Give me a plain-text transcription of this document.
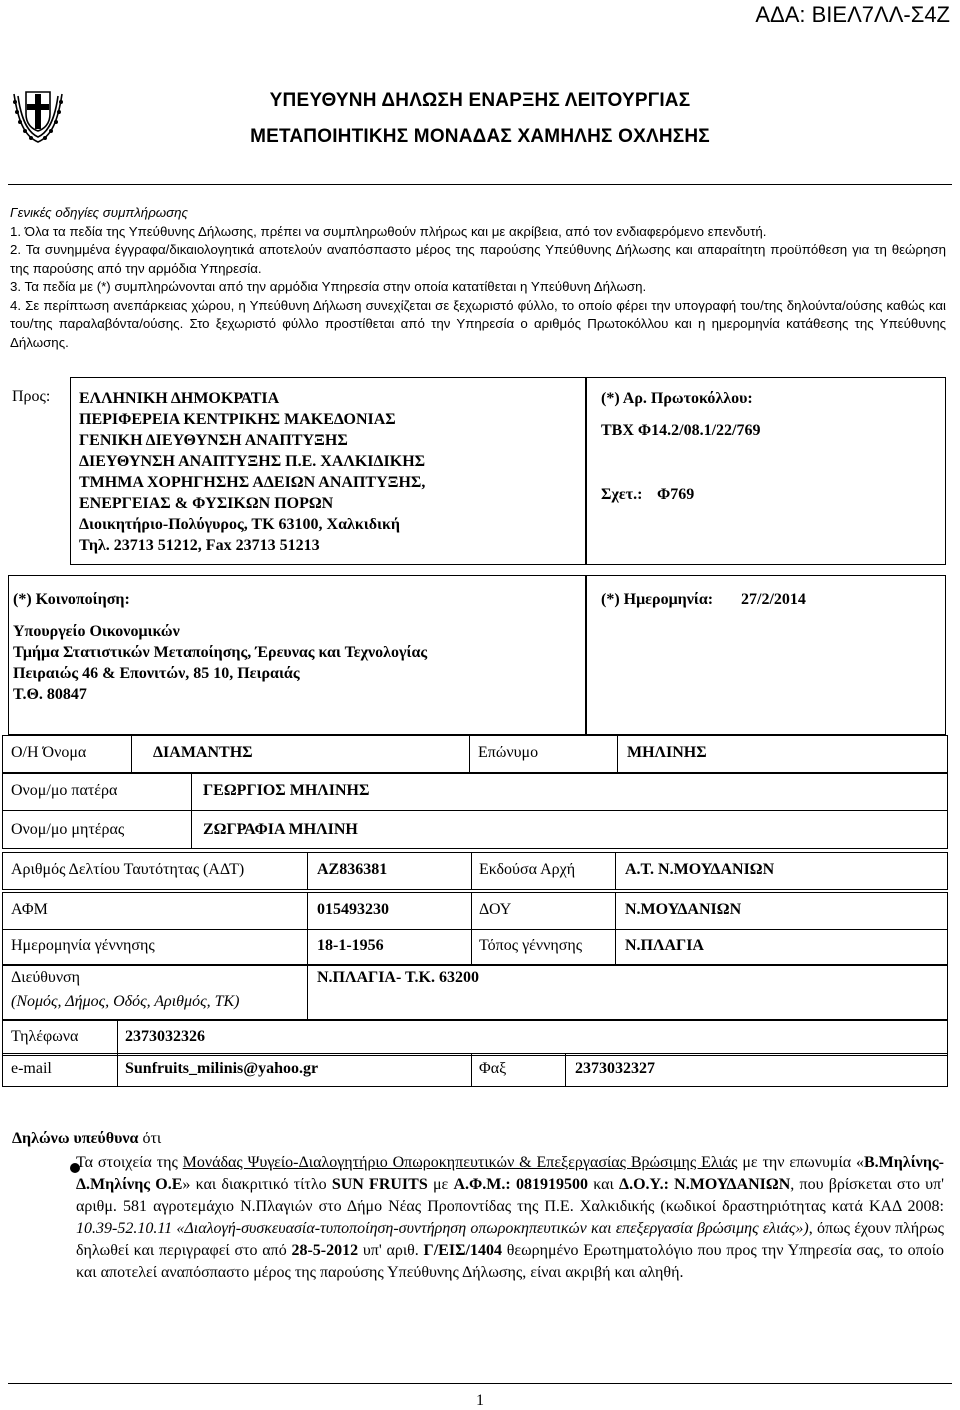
ΑΔΑ: ΒΙΕΛ7ΛΛ-Σ4Ζ
ΥΠΕΥΘΥΝΗ ΔΗΛΩΣΗ ΕΝΑΡΞΗΣ ΛΕΙΤΟΥΡΓΙΑΣ
ΜΕΤΑΠΟΙΗΤΙΚΗΣ ΜΟΝΑΔΑΣ ΧΑΜΗΛΗΣ ΟΧΛΗΣΗΣ

Γενικές οδηγίες συμπλήρωσης

1. Όλα τα πεδία της Υπεύθυνης Δήλωσης, πρέπει να συμπληρωθούν πλήρως και με ακρίβεια, από τον ενδιαφερόμενο επενδυτή.

2. Τα συνημμένα έγγραφα/δικαιολογητικά αποτελούν αναπόσπαστο μέρος της παρούσης Υπεύθυνης Δήλωσης και απαραίτητη προϋπόθεση για τη θεώρηση της παρούσης από την αρμόδια Υπηρεσία.

3. Τα πεδία με (*) συμπληρώνονται από την αρμόδια Υπηρεσία στην οποία κατατίθεται η Υπεύθυνη Δήλωση.

4. Σε περίπτωση ανεπάρκειας χώρου, η Υπεύθυνη Δήλωση συνεχίζεται σε ξεχωριστό φύλλο, το οποίο φέρει την υπογραφή του/της δηλούντα/ούσης καθώς και του/της παραλαβόντα/ούσης. Στο ξεχωριστό φύλλο προστίθεται από την Υπηρεσία ο αριθμός Πρωτοκόλλου και η ημερομηνία κατάθεσης της Υπεύθυνης Δήλωσης.

Προς: ΕΛΛΗΝΙΚΗ ΔΗΜΟΚΡΑΤΙΑ
ΠΕΡΙΦΕΡΕΙΑ ΚΕΝΤΡΙΚΗΣ ΜΑΚΕΔΟΝΙΑΣ
ΓΕΝΙΚΗ ΔΙΕΥΘΥΝΣΗ ΑΝΑΠΤΥΞΗΣ
ΔΙΕΥΘΥΝΣΗ ΑΝΑΠΤΥΞΗΣ Π.Ε. ΧΑΛΚΙΔΙΚΗΣ
ΤΜΗΜΑ ΧΟΡΗΓΗΣΗΣ ΑΔΕΙΩΝ ΑΝΑΠΤΥΞΗΣ,
ΕΝΕΡΓΕΙΑΣ & ΦΥΣΙΚΩΝ ΠΟΡΩΝ
Διοικητήριο-Πολύγυρος, ΤΚ 63100, Χαλκιδική
Τηλ. 23713 51212, Fax 23713 51213
(*) Αρ. Πρωτοκόλλου:
ΤΒΧ Φ14.2/08.1/22/769
Σχετ.: Φ769
(*) Κοινοποίηση:
Υπουργείο Οικονομικών
Τμήμα Στατιστικών Μεταποίησης, Έρευνας και Τεχνολογίας
Πειραιώς 46 & Επονιτών, 85 10, Πειραιάς
Τ.Θ. 80847
(*) Ημερομηνία: 27/2/2014
Ο/Η Όνομα	ΔΙΑΜΑΝΤΗΣ	Επώνυμο	ΜΗΛΙΝΗΣ
Ονομ/μο πατέρα	ΓΕΩΡΓΙΟΣ ΜΗΛΙΝΗΣ
Ονομ/μο μητέρας	ΖΩΓΡΑΦΙΑ ΜΗΛΙΝΗ
Αριθμός Δελτίου Ταυτότητας (ΑΔΤ)	ΑΖ836381	Εκδούσα Αρχή	Α.Τ. Ν.ΜΟΥΔΑΝΙΩΝ
ΑΦΜ	015493230	ΔΟΥ	Ν.ΜΟΥΔΑΝΙΩΝ
Ημερομηνία γέννησης	18-1-1956	Τόπος γέννησης	Ν.ΠΛΑΓΙΑ
Διεύθυνση
(Νομός, Δήμος, Οδός, Αριθμός, ΤΚ)
Ν.ΠΛΑΓΙΑ- Τ.Κ. 63200
Τηλέφωνα	2373032326
e-mail	Sunfruits_milinis@yahoo.gr	Φαξ	2373032327
Δηλώνω υπεύθυνα ότι
Τα στοιχεία της Μονάδας Ψυγείο-Διαλογητήριο Οπωροκηπευτικών & Επεξεργασίας Βρώσιμης Ελιάς με την επωνυμία «Β.Μηλίνης-Δ.Μηλίνης Ο.Ε» και διακριτικό τίτλο SUN FRUITS με Α.Φ.Μ.: 081919500 και Δ.Ο.Υ.: Ν.ΜΟΥΔΑΝΙΩΝ, που βρίσκεται στο υπ' αριθμ. 581 αγροτεμάχιο Ν.Πλαγιών στο Δήμο Νέας Προποντίδας της Π.Ε. Χαλκιδικής (κωδικοί δραστηριότητας κατά ΚΑΔ 2008: 10.39-52.10.11 «Διαλογή-συσκευασία-τυποποίηση-συντήρηση οπωροκηπευτικών και επεξεργασία βρώσιμης ελιάς»), όπως έχουν πλήρως δηλωθεί και περιγραφεί στο από 28-5-2012 υπ' αριθ. Γ/ΕΙΣ/1404 θεωρημένο Ερωτηματολόγιο που προς την Υπηρεσία σας, το οποίο και αποτελεί αναπόσπαστο μέρος της παρούσης Υπεύθυνης Δήλωσης, είναι ακριβή και αληθή.
1
